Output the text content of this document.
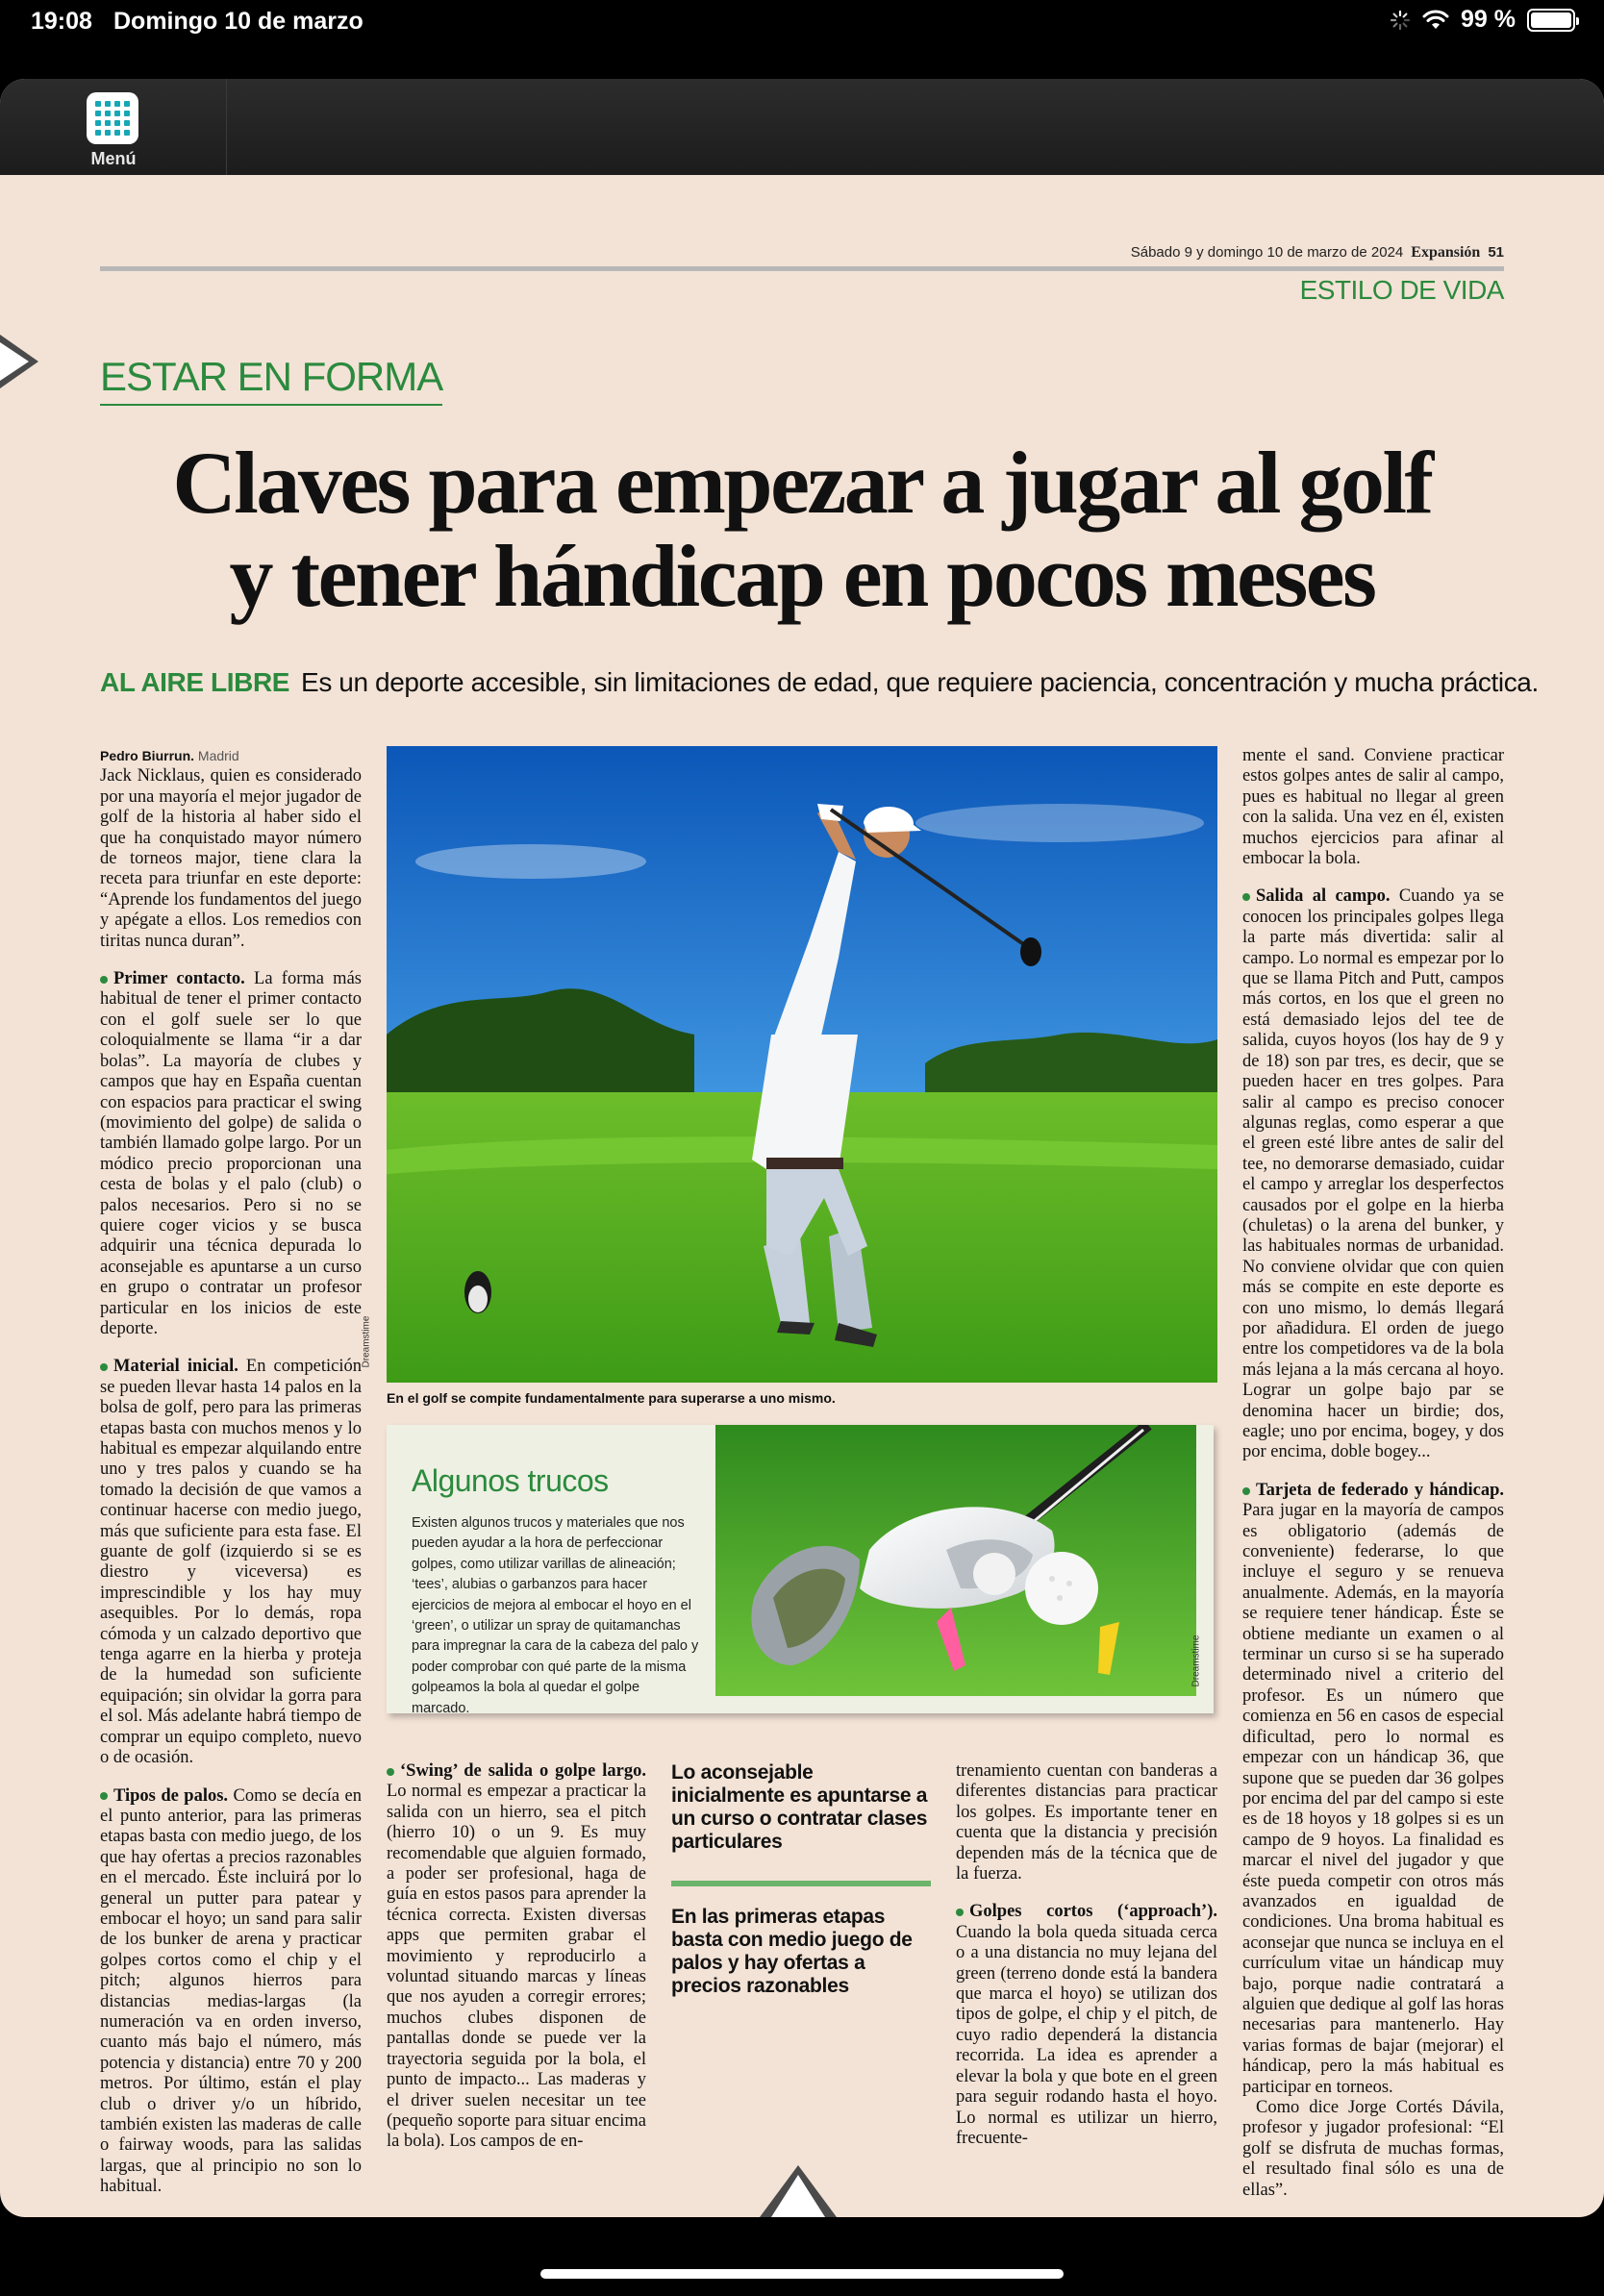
19:08 Domingo 10 de marzo	99 %
Menú
Sábado 9 y domingo 10 de marzo de 2024 Expansión 51
ESTILO DE VIDA
ESTAR EN FORMA
Claves para empezar a jugar al golf
y tener hándicap en pocos meses
AL AIRE LIBRE Es un deporte accesible, sin limitaciones de edad, que requiere paciencia, concentración y mucha práctica.

Pedro Biurrun. Madrid

Jack Nicklaus, quien es considerado por una mayoría el mejor jugador de golf de la historia al haber sido el que ha conquistado mayor número de torneos major, tiene clara la receta para triunfar en este deporte: “Aprende los fundamentos del juego y apégate a ellos. Los remedios con tiritas nunca duran”.

Primer contacto. La forma más habitual de tener el primer contacto con el golf suele ser lo que coloquialmente se llama “ir a dar bolas”. La mayoría de clubes y campos que hay en España cuentan con espacios para practicar el swing (movimiento del golpe) de salida o también llamado golpe largo. Por un módico precio proporcionan una cesta de bolas y el palo (club) o palos necesarios. Pero si no se quiere coger vicios y se busca adquirir una técnica depurada lo aconsejable es apuntarse a un curso en grupo o contratar un profesor particular en los inicios de este deporte.

Material inicial. En competición se pueden llevar hasta 14 palos en la bolsa de golf, pero para las primeras etapas basta con muchos menos y lo habitual es empezar alquilando entre uno y tres palos y cuando se ha tomado la decisión de que vamos a continuar hacerse con medio juego, más que suficiente para esta fase. El guante de golf (izquierdo si se es diestro y viceversa) es imprescindible y los hay muy asequibles. Por lo demás, ropa cómoda y un calzado deportivo que tenga agarre en la hierba y proteja de la humedad son suficiente equipación; sin olvidar la gorra para el sol. Más adelante habrá tiempo de comprar un equipo completo, nuevo o de ocasión.

Tipos de palos. Como se decía en el punto anterior, para las primeras etapas basta con medio juego, de los que hay ofertas a precios razonables en el mercado. Éste incluirá por lo general un putter para patear y embocar el hoyo; un sand para salir de los bunker de arena y practicar golpes cortos como el chip y el pitch; algunos hierros para distancias medias-largas (la numeración va en orden inverso, cuanto más bajo el número, más potencia y distancia) entre 70 y 200 metros. Por último, están el play club o driver y/o un híbrido, también existen las maderas de calle o fairway woods, para las salidas largas, que al principio no son lo habitual.

Dreamstime
En el golf se compite fundamentalmente para superarse a uno mismo.
Algunos trucos
Existen algunos trucos y materiales que nos pueden ayudar a la hora de perfeccionar golpes, como utilizar varillas de alineación; ‘tees’, alubias o garbanzos para hacer ejercicios de mejora al embocar el hoyo en el ‘green’, o utilizar un spray de quitamanchas para impregnar la cara de la cabeza del palo y poder comprobar con qué parte de la misma golpeamos la bola al quedar el golpe marcado.
Dreamstime

‘Swing’ de salida o golpe largo. Lo normal es empezar a practicar la salida con un hierro, sea el pitch (hierro 10) o un 9. Es muy recomendable que alguien formado, a poder ser profesional, haga de guía en estos pasos para aprender la técnica correcta. Existen diversas apps que permiten grabar el movimiento y reproducirlo a voluntad situando marcas y líneas que nos ayuden a corregir errores; muchos clubes disponen de pantallas donde se puede ver la trayectoria seguida por la bola, el punto de impacto... Las maderas y el driver suelen necesitar un tee (pequeño soporte para situar encima la bola). Los campos de en-

Lo aconsejable inicialmente es apuntarse a un curso o contratar clases particulares
En las primeras etapas basta con medio juego de palos y hay ofertas a precios razonables

trenamiento cuentan con banderas a diferentes distancias para practicar los golpes. Es importante tener en cuenta que la distancia y precisión dependen más de la técnica que de la fuerza.

Golpes cortos (‘approach’). Cuando la bola queda situada cerca o a una distancia no muy lejana del green (terreno donde está la bandera que marca el hoyo) se utilizan dos tipos de golpe, el chip y el pitch, de cuyo radio dependerá la distancia recorrida. La idea es aprender a elevar la bola y que bote en el green para seguir rodando hasta el hoyo. Lo normal es utilizar un hierro, frecuente-

mente el sand. Conviene practicar estos golpes antes de salir al campo, pues es habitual no llegar al green con la salida. Una vez en él, existen muchos ejercicios para afinar al embocar la bola.

Salida al campo. Cuando ya se conocen los principales golpes llega la parte más divertida: salir al campo. Lo normal es empezar por lo que se llama Pitch and Putt, campos más cortos, en los que el green no está demasiado lejos del tee de salida, cuyos hoyos (los hay de 9 y de 18) son par tres, es decir, que se pueden hacer en tres golpes. Para salir al campo es preciso conocer algunas reglas, como esperar a que el green esté libre antes de salir del tee, no demorarse demasiado, cuidar el campo y arreglar los desperfectos causados por el golpe en la hierba (chuletas) o la arena del bunker, y las habituales normas de urbanidad. No conviene olvidar que con quien más se compite en este deporte es con uno mismo, lo demás llegará por añadidura. El orden de juego entre los competidores va de la bola más lejana a la más cercana al hoyo. Lograr un golpe bajo par se denomina hacer un birdie; dos, eagle; uno por encima, bogey, y dos por encima, doble bogey...

Tarjeta de federado y hándicap. Para jugar en la mayoría de campos es obligatorio (además de conveniente) federarse, lo que incluye el seguro y se renueva anualmente. Además, en la mayoría se requiere tener hándicap. Éste se obtiene mediante un examen o al terminar un curso si se ha superado determinado nivel a criterio del profesor. Es un número que comienza en 56 en casos de especial dificultad, pero lo normal es empezar con un hándicap 36, que supone que se pueden dar 36 golpes por encima del par del campo si este es de 18 hoyos y 18 golpes si es un campo de 9 hoyos. La finalidad es marcar el nivel del jugador y que éste pueda competir con otros más avanzados en igualdad de condiciones. Una broma habitual es aconsejar que nunca se incluya en el currículum vitae un hándicap muy bajo, porque nadie contratará a alguien que dedique al golf las horas necesarias para mantenerlo. Hay varias formas de bajar (mejorar) el hándicap, pero la más habitual es participar en torneos.

Como dice Jorge Cortés Dávila, profesor y jugador profesional: “El golf se disfruta de muchas formas, el resultado final sólo es una de ellas”.
